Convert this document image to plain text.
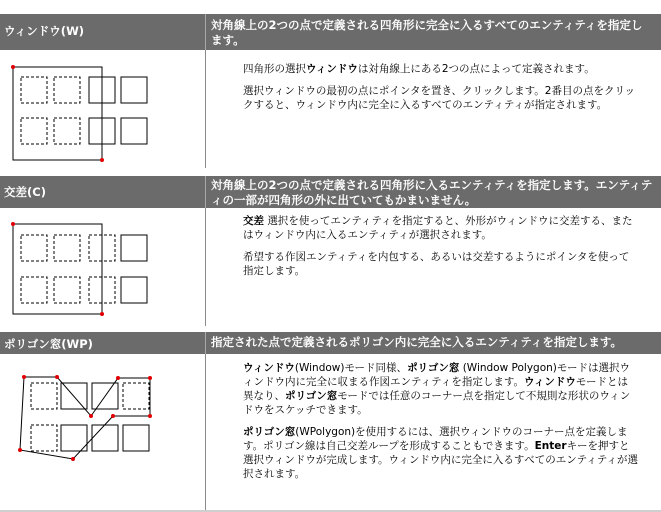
ウィンドウ(W)	対角線上の2つの点で定義される四角形に完全に入るすべてのエンティティを指定します。

四角形の選択ウィンドウは対角線上にある2つの点によって定義されます。

選択ウィンドウの最初の点にポインタを置き、クリックします。2番目の点をクリックすると、ウィンドウ内に完全に入るすべてのエンティティが指定されます。

交差(C)	対角線上の2つの点で定義される四角形に入るエンティティを指定します。エンティティの一部が四角形の外に出ていてもかまいません。

交差 選択を使ってエンティティを指定すると、外形がウィンドウに交差する、またはウィンドウ内に入るエンティティが選択されます。

希望する作図エンティティを内包する、あるいは交差するようにポインタを使って指定します。

ポリゴン窓(WP)	指定された点で定義されるポリゴン内に完全に入るエンティティを指定します。

ウィンドウ(Window)モード同様、ポリゴン窓 (Window Polygon)モードは選択ウィンドウ内に完全に収まる作図エンティティを指定します。ウィンドウモードとは異なり、ポリゴン窓モードでは任意のコーナー点を指定して不規則な形状のウィンドウをスケッチできます。

ポリゴン窓(WPolygon)を使用するには、選択ウィンドウのコーナー点を定義します。ポリゴン線は自己交差ループを形成することもできます。Enterキーを押すと選択ウィンドウが完成します。ウィンドウ内に完全に入るすべてのエンティティが選択されます。
